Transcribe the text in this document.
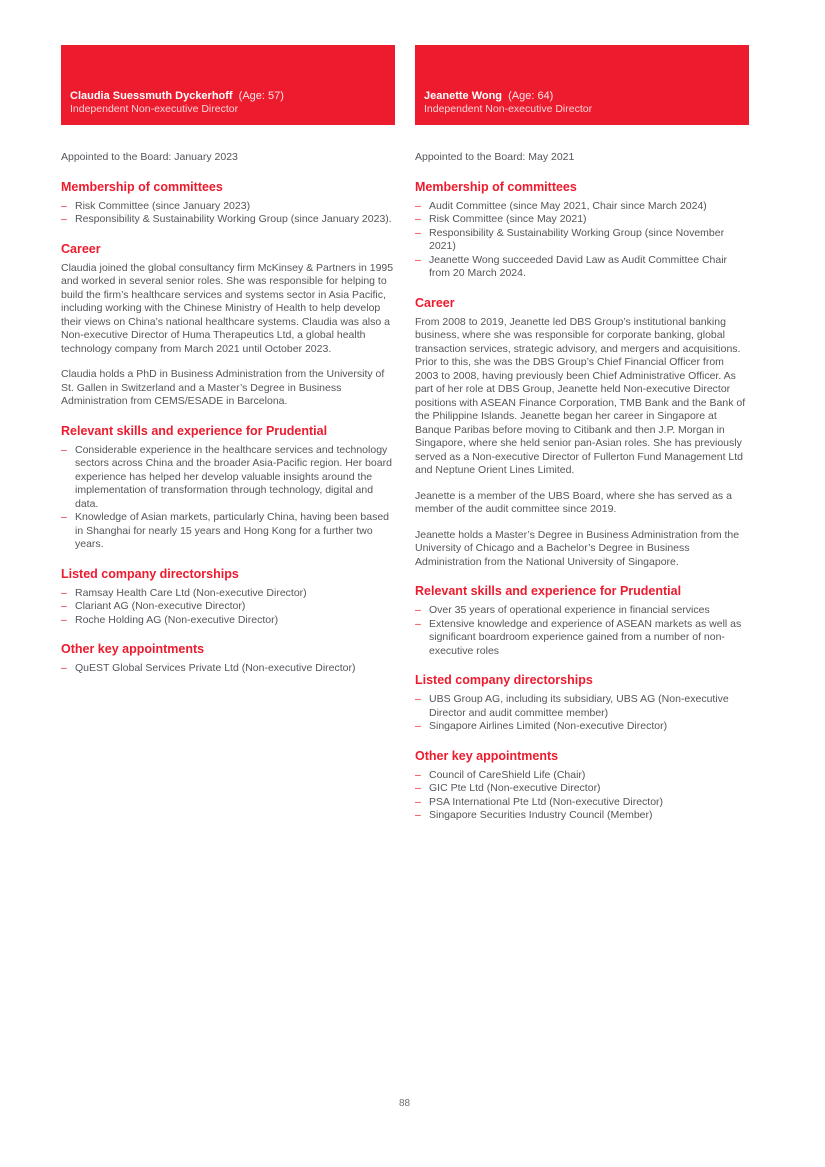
Claudia Suessmuth Dyckerhoff (Age: 57)
Independent Non-executive Director

Appointed to the Board: January 2023

Membership of committees
– Risk Committee (since January 2023)
– Responsibility & Sustainability Working Group (since January 2023).
Career

Claudia joined the global consultancy firm McKinsey & Partners in 1995 and worked in several senior roles. She was responsible for helping to build the firm’s healthcare services and systems sector in Asia Pacific, including working with the Chinese Ministry of Health to help develop their views on China’s national healthcare systems. Claudia was also a Non-executive Director of Huma Therapeutics Ltd, a global health technology company from March 2021 until October 2023.

Claudia holds a PhD in Business Administration from the University of St. Gallen in Switzerland and a Master’s Degree in Business Administration from CEMS/ESADE in Barcelona.

Relevant skills and experience for Prudential
– Considerable experience in the healthcare services and technology sectors across China and the broader Asia-Pacific region. Her board experience has helped her develop valuable insights around the implementation of transformation through technology, digital and data.
– Knowledge of Asian markets, particularly China, having been based in Shanghai for nearly 15 years and Hong Kong for a further two years.
Listed company directorships
– Ramsay Health Care Ltd (Non-executive Director)
– Clariant AG (Non-executive Director)
– Roche Holding AG (Non-executive Director)
Other key appointments
– QuEST Global Services Private Ltd (Non-executive Director)
Jeanette Wong (Age: 64)
Independent Non-executive Director

Appointed to the Board: May 2021

Membership of committees
– Audit Committee (since May 2021, Chair since March 2024)
– Risk Committee (since May 2021)
– Responsibility & Sustainability Working Group (since November 2021)
– Jeanette Wong succeeded David Law as Audit Committee Chair from 20 March 2024.
Career

From 2008 to 2019, Jeanette led DBS Group’s institutional banking business, where she was responsible for corporate banking, global transaction services, strategic advisory, and mergers and acquisitions. Prior to this, she was the DBS Group’s Chief Financial Officer from 2003 to 2008, having previously been Chief Administrative Officer. As part of her role at DBS Group, Jeanette held Non-executive Director positions with ASEAN Finance Corporation, TMB Bank and the Bank of the Philippine Islands. Jeanette began her career in Singapore at Banque Paribas before moving to Citibank and then J.P. Morgan in Singapore, where she held senior pan-Asian roles. She has previously served as a Non-executive Director of Fullerton Fund Management Ltd and Neptune Orient Lines Limited.

Jeanette is a member of the UBS Board, where she has served as a member of the audit committee since 2019.

Jeanette holds a Master’s Degree in Business Administration from the University of Chicago and a Bachelor’s Degree in Business Administration from the National University of Singapore.

Relevant skills and experience for Prudential
– Over 35 years of operational experience in financial services
– Extensive knowledge and experience of ASEAN markets as well as significant boardroom experience gained from a number of non-executive roles
Listed company directorships
– UBS Group AG, including its subsidiary, UBS AG (Non-executive Director and audit committee member)
– Singapore Airlines Limited (Non-executive Director)
Other key appointments
– Council of CareShield Life (Chair)
– GIC Pte Ltd (Non-executive Director)
– PSA International Pte Ltd (Non-executive Director)
– Singapore Securities Industry Council (Member)
88
